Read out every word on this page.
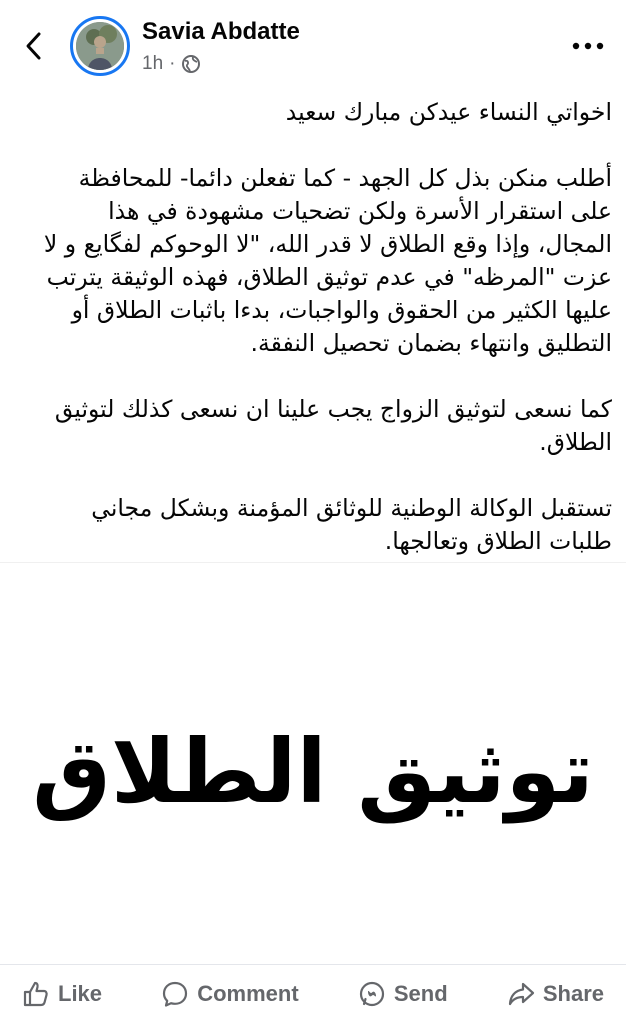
Savia Abdatte
1h ·

اخواتي النساء عيدكن مبارك سعيد

أطلب منكن بذل كل الجهد - كما تفعلن دائما- للمحافظة على استقرار الأسرة ولكن تضحيات مشهودة في هذا المجال، وإذا وقع الطلاق لا قدر الله، "لا الوحوكم لفگايع و لا عزت "المرظه" في عدم توثيق الطلاق، فهذه الوثيقة يترتب عليها الكثير من الحقوق والواجبات، بدءا باثبات الطلاق أو التطليق وانتهاء بضمان تحصيل النفقة.

كما نسعى لتوثيق الزواج يجب علينا ان نسعى كذلك لتوثيق الطلاق.

تستقبل الوكالة الوطنية للوثائق المؤمنة وبشكل مجاني طلبات الطلاق وتعالجها.

توثيق الطلاق
Like	Comment	Send	Share
